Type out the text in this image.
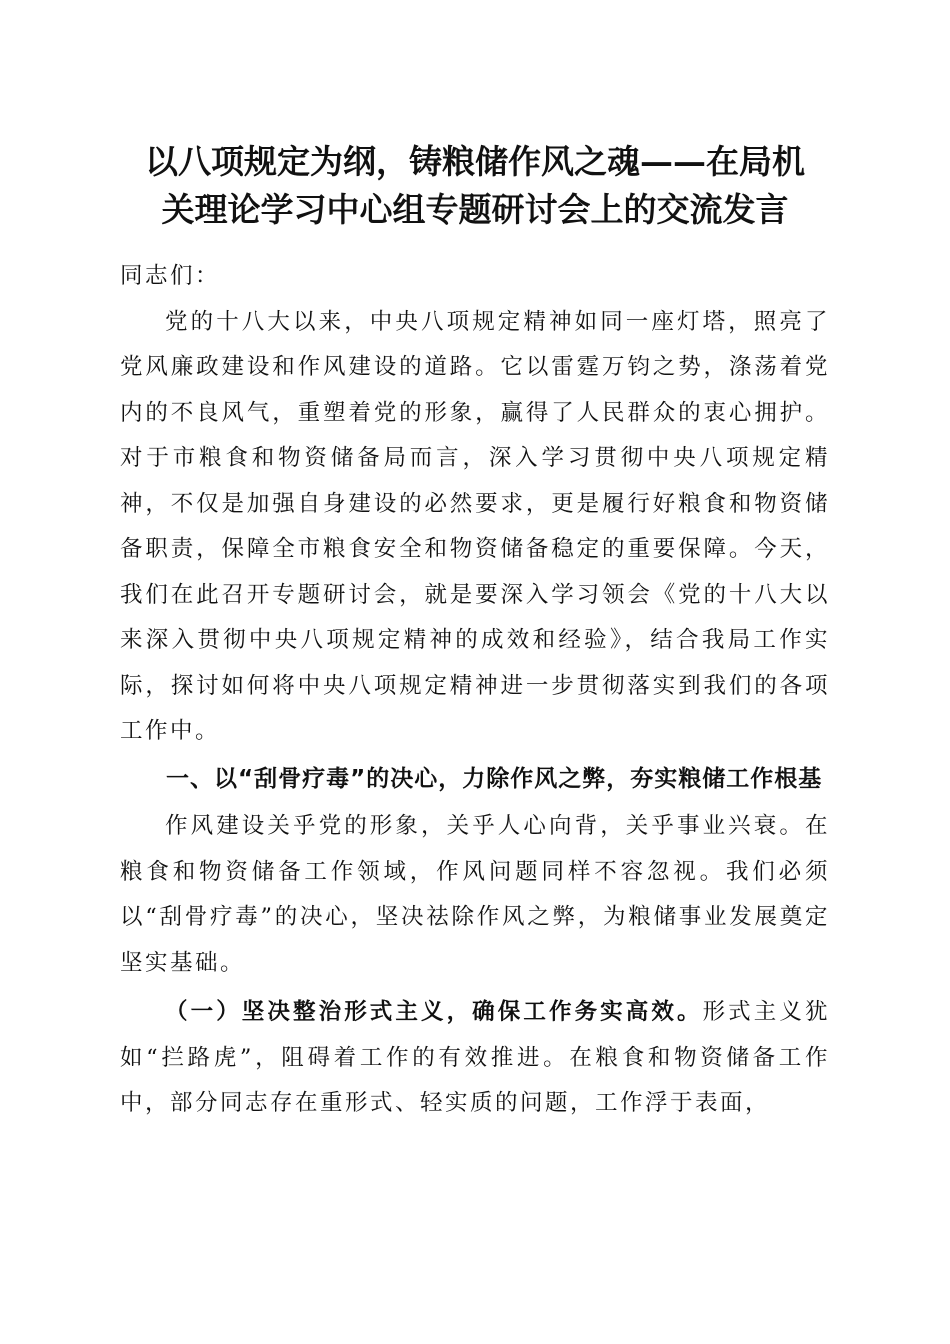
以八项规定为纲，铸粮储作风之魂——在局机
关理论学习中心组专题研讨会上的交流发言

同志们：

党的十八大以来，中央八项规定精神如同一座灯塔，照亮了党风廉政建设和作风建设的道路。它以雷霆万钧之势，涤荡着党内的不良风气，重塑着党的形象，赢得了人民群众的衷心拥护。对于市粮食和物资储备局而言，深入学习贯彻中央八项规定精神，不仅是加强自身建设的必然要求，更是履行好粮食和物资储备职责，保障全市粮食安全和物资储备稳定的重要保障。今天，我们在此召开专题研讨会，就是要深入学习领会《党的十八大以来深入贯彻中央八项规定精神的成效和经验》，结合我局工作实际，探讨如何将中央八项规定精神进一步贯彻落实到我们的各项工作中。

一、以“刮骨疗毒”的决心，力除作风之弊，夯实粮储工作根基

作风建设关乎党的形象，关乎人心向背，关乎事业兴衰。在粮食和物资储备工作领域，作风问题同样不容忽视。我们必须以“刮骨疗毒”的决心，坚决祛除作风之弊，为粮储事业发展奠定坚实基础。

（一）坚决整治形式主义，确保工作务实高效。形式主义犹如“拦路虎”，阻碍着工作的有效推进。在粮食和物资储备工作中，部分同志存在重形式、轻实质的问题，工作浮于表面，
